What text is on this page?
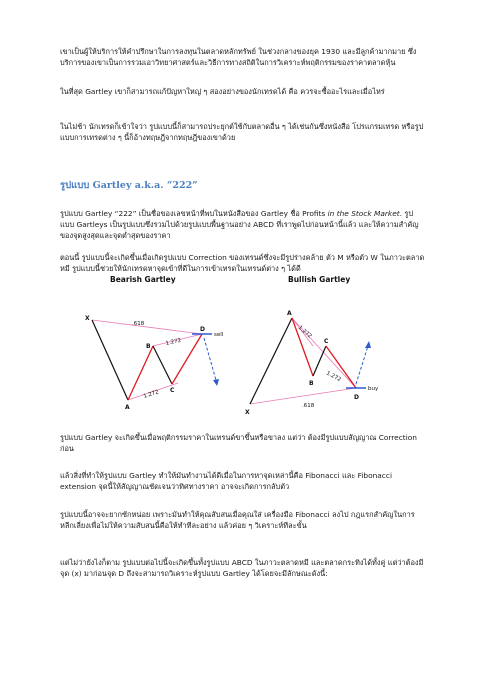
เขาเป็นผู้ให้บริการให้คำปรึกษาในการลงทุนในตลาดหลักทรัพย์ ในช่วงกลางของยุค 1930 และมีลูกค้ามากมาย ซึ่งบริการของเขาเป็นการรวมเอาวิทยาศาสตร์และวิธีการทางสถิติในการวิเคราะห์พฤติกรรมของราคาตลาดหุ้น

ในที่สุด Gartley เขาก็สามารถแก้ปัญหาใหญ่ ๆ สองอย่างของนักเทรดได้ คือ ควรจะซื้ออะไรและเมื่อไหร่

ในไม่ช้า นักเทรดก็เข้าใจว่า รูปแบบนี้ก็สามารถประยุกต์ใช้กับตลาดอื่น ๆ ได้เช่นกันซึ่งหนังสือ โปรแกรมเทรด หรือรูปแบบการเทรดต่าง ๆ นี้ก็อ้างทฤษฎีจากทฤษฎีของเขาด้วย

รูปแบบ Gartley a.k.a. “222”

รูปแบบ Gartley “222” เป็นชื่อของเลขหน้าที่พบในหนังสือของ Gartley ชื่อ Profits in the Stock Market. รูปแบบ Gartleys เป็นรูปแบบซึ่งรวมไปด้วยรูปแบบพื้นฐานอย่าง ABCD ที่เราพูดไปก่อนหน้านี้แล้ว และให้ความสำคัญของจุดสูงสุดและจุดต่ำสุดของราคา

ตอนนี้ รูปแบบนี้จะเกิดขึ้นเมื่อเกิดรูปแบบ Correction ของเทรนด์ซึ่งจะมีรูปร่างคล้าย ตัว M หรือตัว W ในภาวะตลาดหมี รูปแบบนี้ช่วยให้นักเทรดหาจุดเข้าที่ดีในการเข้าเทรดในเทรนด์ต่าง ๆ ได้ดี

Bearish Gartley
X
A
B
C
D
.618
1.272
1.272
sell
Bullish Gartley
X
A
B
C
D
1.272
1.272
.618
buy

รูปแบบ Gartley จะเกิดขึ้นเมื่อพฤติกรรมราคาในเทรนด์ขาขึ้นหรือขาลง แต่ว่า ต้องมีรูปแบบสัญญาณ Correction ก่อน

แล้วสิ่งที่ทำให้รูปแบบ Gartley ทำให้มันทำงานได้ดีเมื่อในการหาจุดเหล่านี้คือ Fibonacci และ Fibonacci extension จุดนี้ให้สัญญาณชัดเจนว่าทิศทางราคา อาจจะเกิดการกลับตัว

รูปแบบนี้อาจจะยากซักหน่อย เพราะมันทำให้คุณสับสนเมื่อคุณใส่ เครื่องมือ Fibonacci ลงไป กฎแรกสำคัญในการหลีกเลี่ยงเพื่อไม่ให้ความสับสนนี้คือให้ทำทีละอย่าง แล้วค่อย ๆ วิเคราะห์ทีละขั้น

แต่ไม่ว่ายังไงก็ตาม รูปแบบต่อไปนี้จะเกิดขึ้นทั้งรูปแบบ ABCD ในภาวะตลาดหมี และตลาดกระทิงได้ทั้งคู่ แต่ว่าต้องมีจุด (x) มาก่อนจุด D ถึงจะสามารถวิเคราะห์รูปแบบ Gartley ได้โดยจะมีลักษณะดังนี้:
